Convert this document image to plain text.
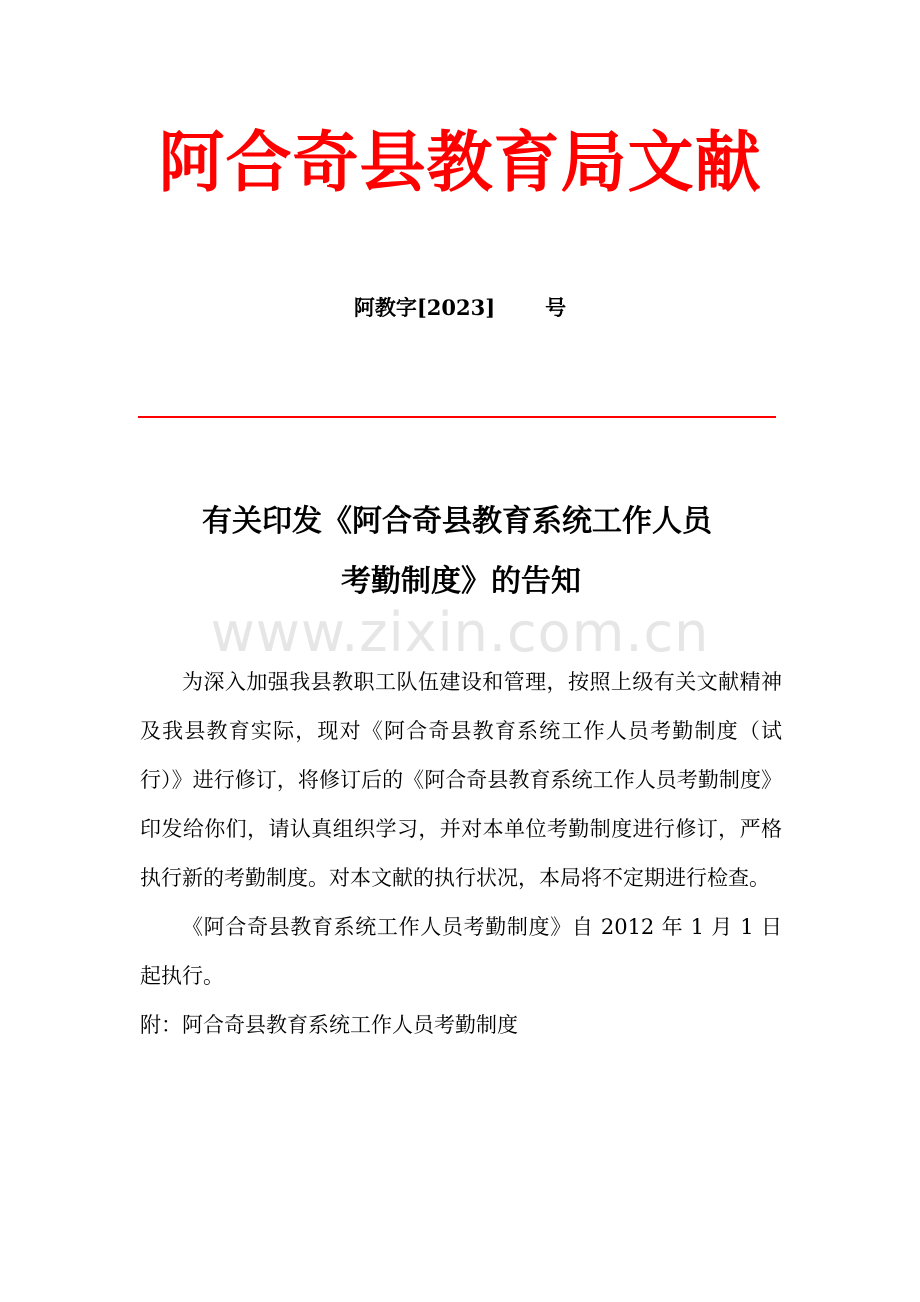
阿合奇县教育局文献
阿教字[2023] 号
有关印发《阿合奇县教育系统工作人员
考勤制度》的告知
www.zixin.com.cn

为深入加强我县教职工队伍建设和管理，按照上级有关文献精神及我县教育实际，现对《阿合奇县教育系统工作人员考勤制度（试行）》进行修订，将修订后的《阿合奇县教育系统工作人员考勤制度》印发给你们，请认真组织学习，并对本单位考勤制度进行修订，严格执行新的考勤制度。对本文献的执行状况，本局将不定期进行检查。

《阿合奇县教育系统工作人员考勤制度》自 2012 年 1 月 1 日起执行。

附：阿合奇县教育系统工作人员考勤制度
